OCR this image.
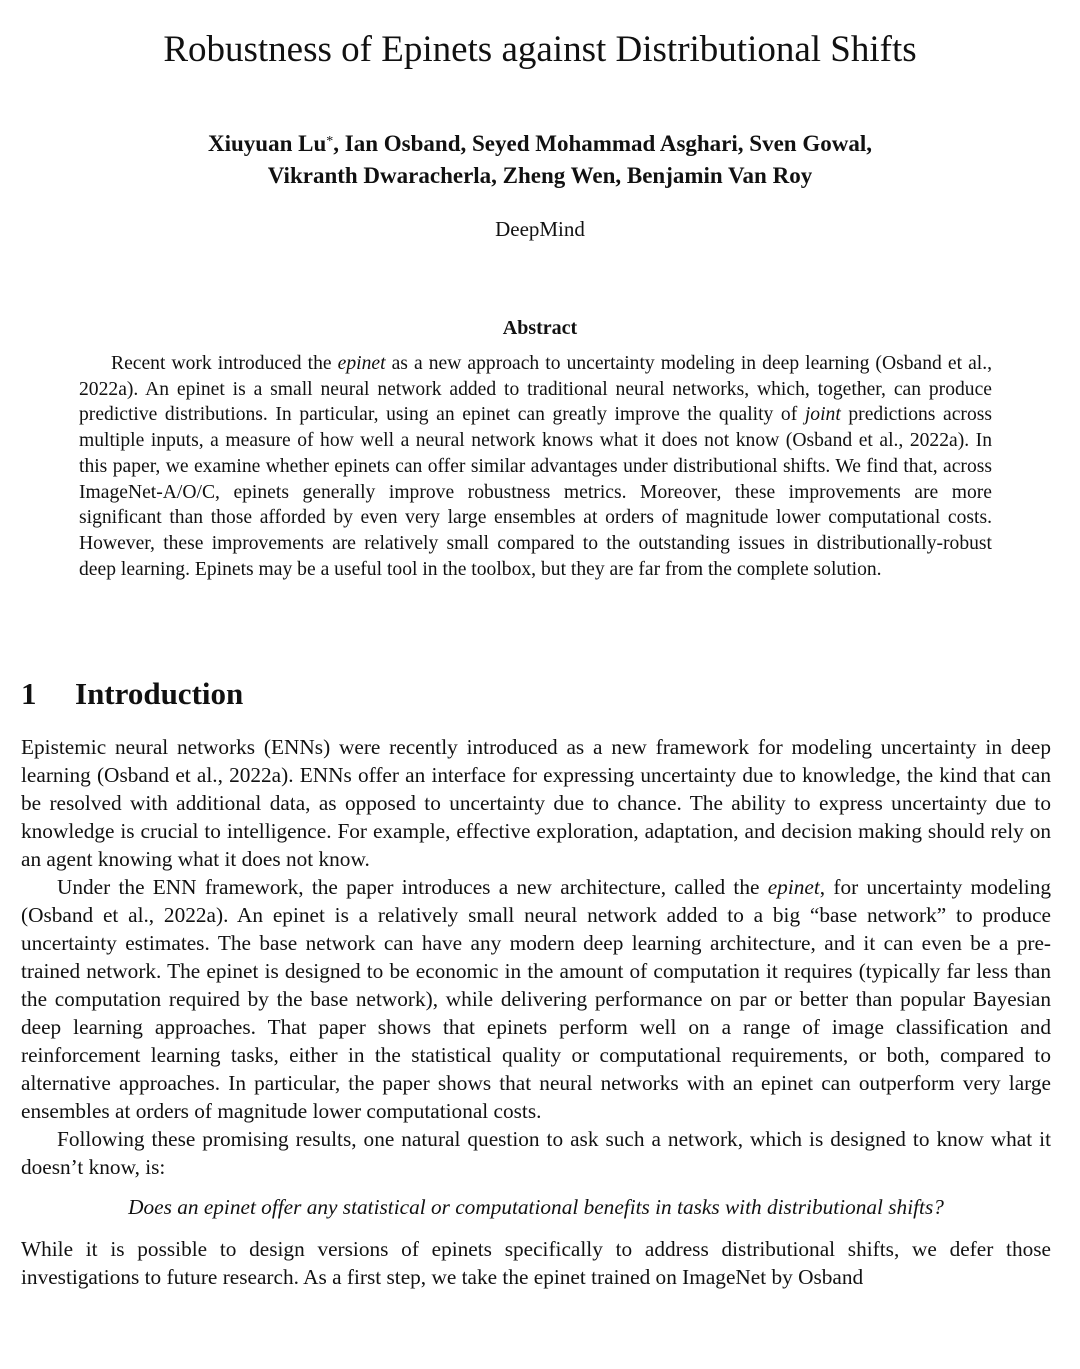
Robustness of Epinets against Distributional Shifts
Xiuyuan Lu*, Ian Osband, Seyed Mohammad Asghari, Sven Gowal,
Vikranth Dwaracherla, Zheng Wen, Benjamin Van Roy
DeepMind
Abstract

Recent work introduced the epinet as a new approach to uncertainty modeling in deep learning (Osband et al., 2022a). An epinet is a small neural network added to traditional neural networks, which, together, can produce predictive distributions. In particular, using an epinet can greatly improve the quality of joint predictions across multiple inputs, a measure of how well a neural network knows what it does not know (Osband et al., 2022a). In this paper, we examine whether epinets can offer similar advantages under distributional shifts. We find that, across ImageNet-A/O/C, epinets generally improve robustness metrics. Moreover, these improvements are more significant than those afforded by even very large ensembles at orders of magnitude lower computational costs. However, these improvements are relatively small compared to the outstanding issues in distributionally-robust deep learning. Epinets may be a useful tool in the toolbox, but they are far from the complete solution.

1 Introduction

Epistemic neural networks (ENNs) were recently introduced as a new framework for modeling uncertainty in deep learning (Osband et al., 2022a). ENNs offer an interface for expressing uncertainty due to knowledge, the kind that can be resolved with additional data, as opposed to uncertainty due to chance. The ability to express uncertainty due to knowledge is crucial to intelligence. For example, effective exploration, adaptation, and decision making should rely on an agent knowing what it does not know.

Under the ENN framework, the paper introduces a new architecture, called the epinet, for uncertainty modeling (Osband et al., 2022a). An epinet is a relatively small neural network added to a big “base network” to produce uncertainty estimates. The base network can have any modern deep learning architecture, and it can even be a pre-trained network. The epinet is designed to be economic in the amount of computation it requires (typically far less than the computation required by the base network), while delivering performance on par or better than popular Bayesian deep learning approaches. That paper shows that epinets perform well on a range of image classification and reinforcement learning tasks, either in the statistical quality or computational requirements, or both, compared to alternative approaches. In particular, the paper shows that neural networks with an epinet can outperform very large ensembles at orders of magnitude lower computational costs.

Following these promising results, one natural question to ask such a network, which is designed to know what it doesn’t know, is:

Does an epinet offer any statistical or computational benefits in tasks with distributional shifts?

While it is possible to design versions of epinets specifically to address distributional shifts, we defer those investigations to future research. As a first step, we take the epinet trained on ImageNet by Osband
